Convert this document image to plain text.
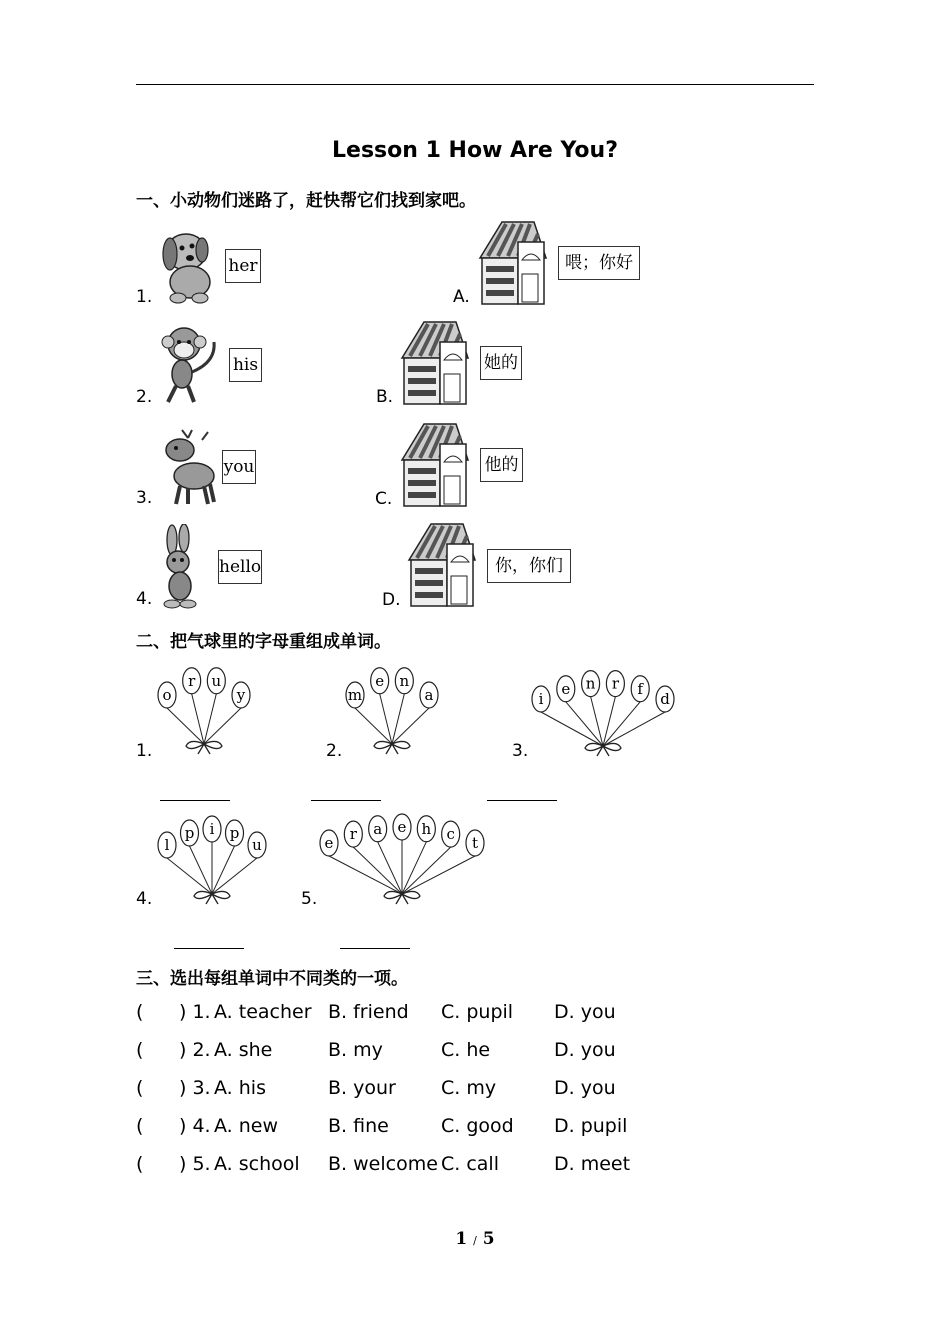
Lesson 1 How Are You?
一、小动物们迷路了，赶快帮它们找到家吧。
1.
her
2.
his
3.
you
4.
hello
A.
喂；你好
B.
她的
C.
他的
D.
你，你们
二、把气球里的字母重组成单词。
1.
o
r u
y
2.
m
e n
a
3.
i
e n r f
d
4.
l
p i p
u
5.
e r a e h c t
三、选出每组单词中不同类的一项。
( ) 1. A. teacher B. friend C. pupil D. you
( ) 2. A. she	B. my	C. he	D. you
( ) 3. A. his	B. your C. my	D. you
( ) 4. A. new	B. fine	C. good D. pupil
( ) 5. A. school B. welcome C. call	D. meet
1 / 5
